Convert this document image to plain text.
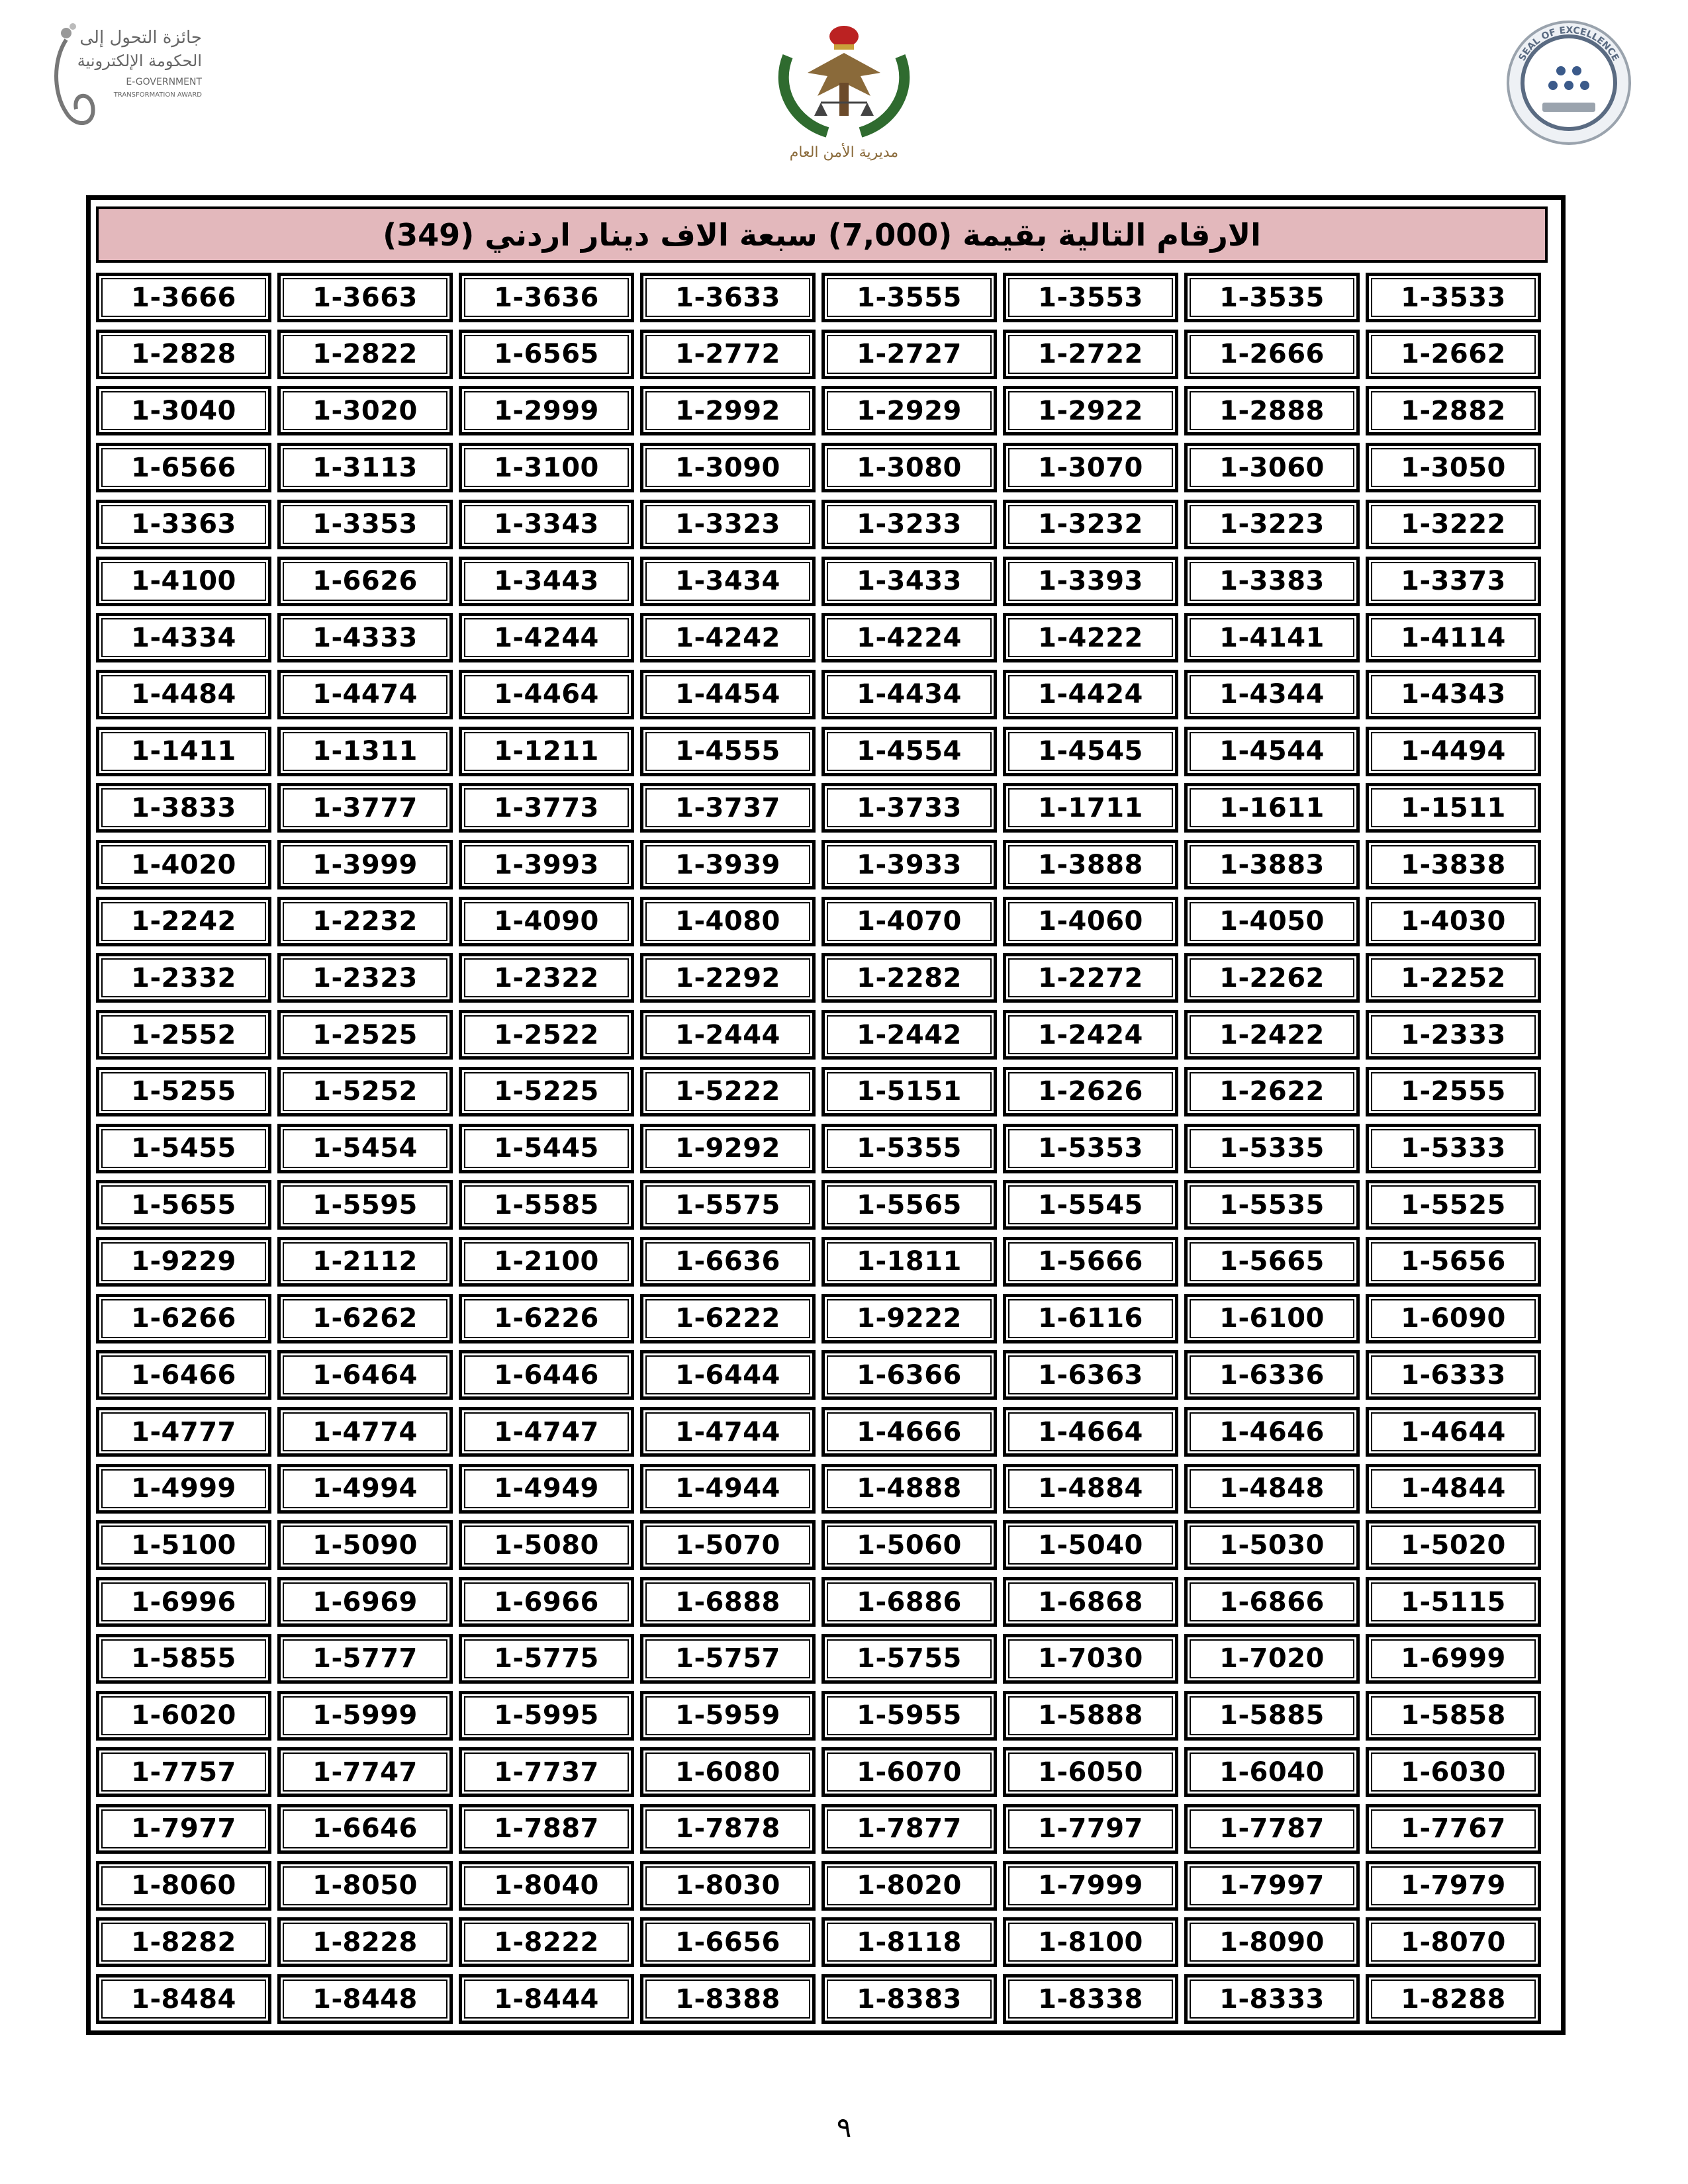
جائزة التحول إلى
الحكومة الإلكترونية
E-GOVERNMENT
TRANSFORMATION AWARD
مديرية الأمن العام
SEAL OF EXCELLENCE
الارقام التالية بقيمة (7,000) سبعة الاف دينار اردني (349)
1-3666	1-3663	1-3636	1-3633	1-3555	1-3553	1-3535	1-3533
1-2828	1-2822	1-6565	1-2772	1-2727	1-2722	1-2666	1-2662
1-3040	1-3020	1-2999	1-2992	1-2929	1-2922	1-2888	1-2882
1-6566	1-3113	1-3100	1-3090	1-3080	1-3070	1-3060	1-3050
1-3363	1-3353	1-3343	1-3323	1-3233	1-3232	1-3223	1-3222
1-4100	1-6626	1-3443	1-3434	1-3433	1-3393	1-3383	1-3373
1-4334	1-4333	1-4244	1-4242	1-4224	1-4222	1-4141	1-4114
1-4484	1-4474	1-4464	1-4454	1-4434	1-4424	1-4344	1-4343
1-1411	1-1311	1-1211	1-4555	1-4554	1-4545	1-4544	1-4494
1-3833	1-3777	1-3773	1-3737	1-3733	1-1711	1-1611	1-1511
1-4020	1-3999	1-3993	1-3939	1-3933	1-3888	1-3883	1-3838
1-2242	1-2232	1-4090	1-4080	1-4070	1-4060	1-4050	1-4030
1-2332	1-2323	1-2322	1-2292	1-2282	1-2272	1-2262	1-2252
1-2552	1-2525	1-2522	1-2444	1-2442	1-2424	1-2422	1-2333
1-5255	1-5252	1-5225	1-5222	1-5151	1-2626	1-2622	1-2555
1-5455	1-5454	1-5445	1-9292	1-5355	1-5353	1-5335	1-5333
1-5655	1-5595	1-5585	1-5575	1-5565	1-5545	1-5535	1-5525
1-9229	1-2112	1-2100	1-6636	1-1811	1-5666	1-5665	1-5656
1-6266	1-6262	1-6226	1-6222	1-9222	1-6116	1-6100	1-6090
1-6466	1-6464	1-6446	1-6444	1-6366	1-6363	1-6336	1-6333
1-4777	1-4774	1-4747	1-4744	1-4666	1-4664	1-4646	1-4644
1-4999	1-4994	1-4949	1-4944	1-4888	1-4884	1-4848	1-4844
1-5100	1-5090	1-5080	1-5070	1-5060	1-5040	1-5030	1-5020
1-6996	1-6969	1-6966	1-6888	1-6886	1-6868	1-6866	1-5115
1-5855	1-5777	1-5775	1-5757	1-5755	1-7030	1-7020	1-6999
1-6020	1-5999	1-5995	1-5959	1-5955	1-5888	1-5885	1-5858
1-7757	1-7747	1-7737	1-6080	1-6070	1-6050	1-6040	1-6030
1-7977	1-6646	1-7887	1-7878	1-7877	1-7797	1-7787	1-7767
1-8060	1-8050	1-8040	1-8030	1-8020	1-7999	1-7997	1-7979
1-8282	1-8228	1-8222	1-6656	1-8118	1-8100	1-8090	1-8070
1-8484	1-8448	1-8444	1-8388	1-8383	1-8338	1-8333	1-8288
٩
